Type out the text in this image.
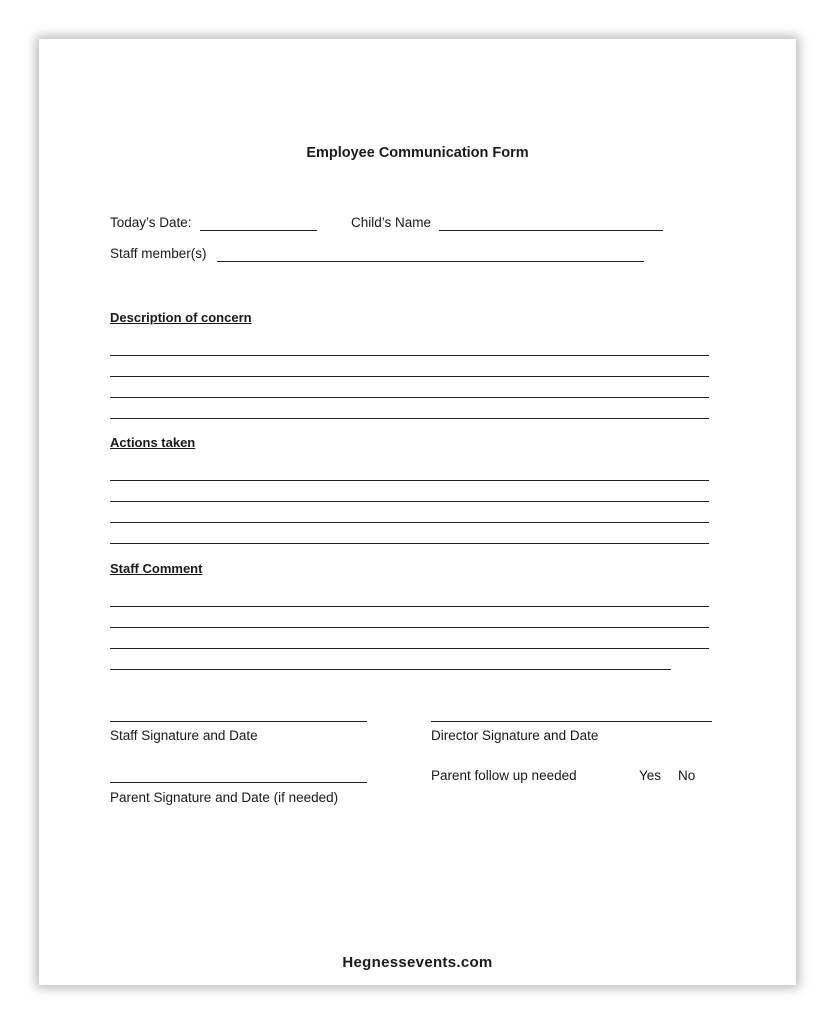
Employee Communication Form
Today’s Date:	Child’s Name
Staff member(s)
Description of concern
Actions taken
Staff Comment
Staff Signature and Date	Director Signature and Date
Parent follow up needed	Yes No
Parent Signature and Date (if needed)
Hegnessevents.com
